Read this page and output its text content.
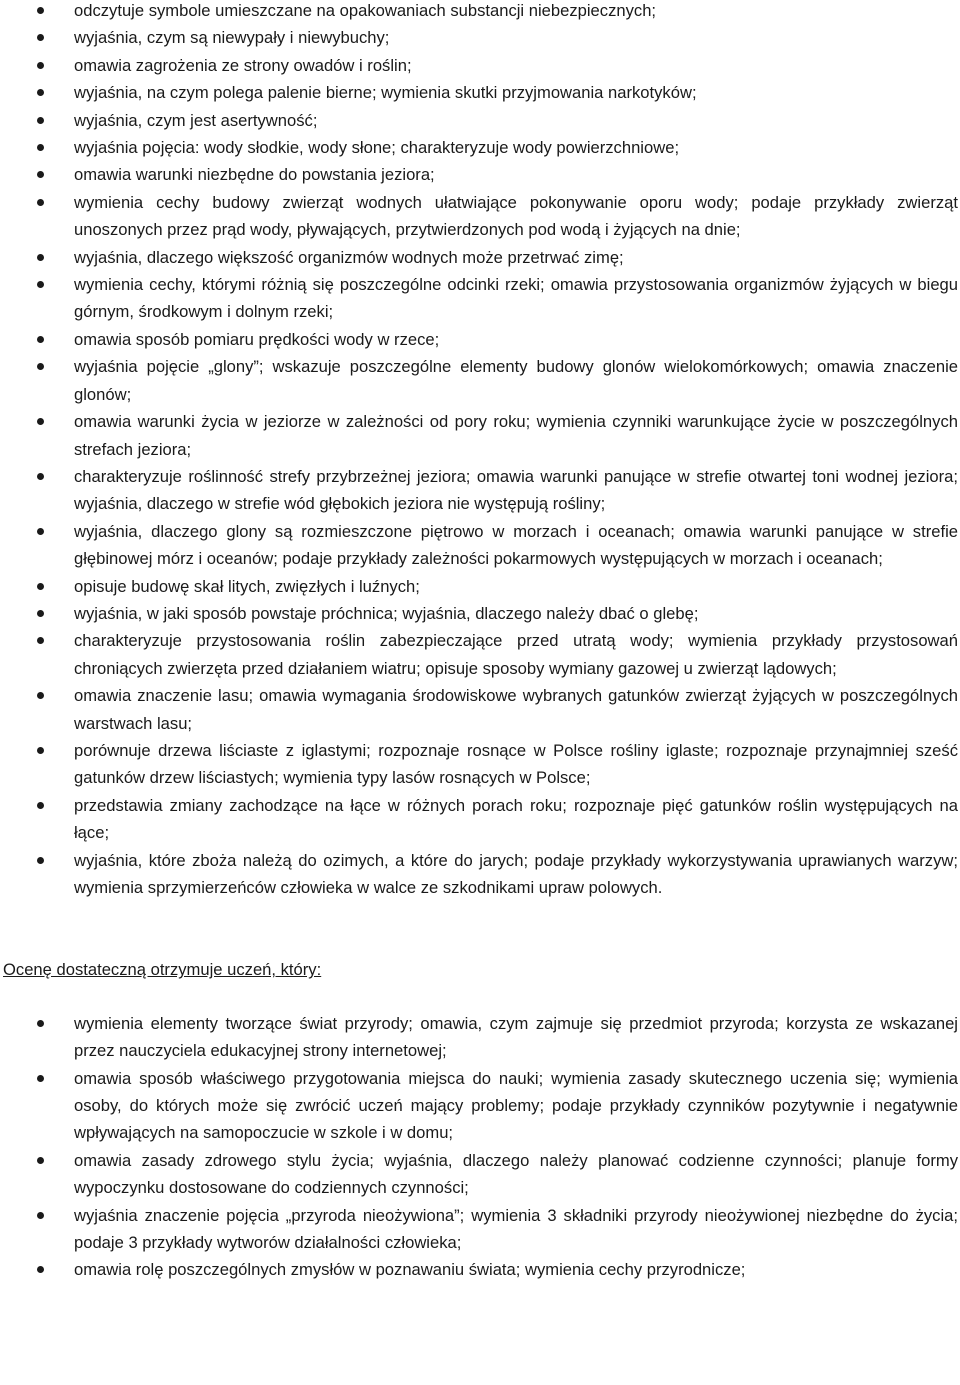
odczytuje symbole umieszczane na opakowaniach substancji niebezpiecznych;
wyjaśnia, czym są niewypały i niewybuchy;
omawia zagrożenia ze strony owadów i roślin;
wyjaśnia, na czym polega palenie bierne; wymienia skutki przyjmowania narkotyków;
wyjaśnia, czym jest asertywność;
wyjaśnia pojęcia: wody słodkie, wody słone; charakteryzuje wody powierzchniowe;
omawia warunki niezbędne do powstania jeziora;
wymienia cechy budowy zwierząt wodnych ułatwiające pokonywanie oporu wody; podaje przykłady zwierząt unoszonych przez prąd wody, pływających, przytwierdzonych pod wodą i żyjących na dnie;
wyjaśnia, dlaczego większość organizmów wodnych może przetrwać zimę;
wymienia cechy, którymi różnią się poszczególne odcinki rzeki; omawia przystosowania organizmów żyjących w biegu górnym, środkowym i dolnym rzeki;
omawia sposób pomiaru prędkości wody w rzece;
wyjaśnia pojęcie „glony”; wskazuje poszczególne elementy budowy glonów wielokomórkowych; omawia znaczenie glonów;
omawia warunki życia w jeziorze w zależności od pory roku; wymienia czynniki warunkujące życie w poszczególnych strefach jeziora;
charakteryzuje roślinność strefy przybrzeżnej jeziora; omawia warunki panujące w strefie otwartej toni wodnej jeziora; wyjaśnia, dlaczego w strefie wód głębokich jeziora nie występują rośliny;
wyjaśnia, dlaczego glony są rozmieszczone piętrowo w morzach i oceanach; omawia warunki panujące w strefie głębinowej mórz i oceanów; podaje przykłady zależności pokarmowych występujących w morzach i oceanach;
opisuje budowę skał litych, zwięzłych i luźnych;
wyjaśnia, w jaki sposób powstaje próchnica; wyjaśnia, dlaczego należy dbać o glebę;
charakteryzuje przystosowania roślin zabezpieczające przed utratą wody; wymienia przykłady przystosowań chroniących zwierzęta przed działaniem wiatru; opisuje sposoby wymiany gazowej u zwierząt lądowych;
omawia znaczenie lasu; omawia wymagania środowiskowe wybranych gatunków zwierząt żyjących w poszczególnych warstwach lasu;
porównuje drzewa liściaste z iglastymi; rozpoznaje rosnące w Polsce rośliny iglaste; rozpoznaje przynajmniej sześć gatunków drzew liściastych; wymienia typy lasów rosnących w Polsce;
przedstawia zmiany zachodzące na łące w różnych porach roku; rozpoznaje pięć gatunków roślin występujących na łące;
wyjaśnia, które zboża należą do ozimych, a które do jarych; podaje przykłady wykorzystywania uprawianych warzyw; wymienia sprzymierzeńców człowieka w walce ze szkodnikami upraw polowych.
Ocenę dostateczną otrzymuje uczeń, który:
wymienia elementy tworzące świat przyrody; omawia, czym zajmuje się przedmiot przyroda; korzysta ze wskazanej przez nauczyciela edukacyjnej strony internetowej;
omawia sposób właściwego przygotowania miejsca do nauki; wymienia zasady skutecznego uczenia się; wymienia osoby, do których może się zwrócić uczeń mający problemy; podaje przykłady czynników pozytywnie i negatywnie wpływających na samopoczucie w szkole i w domu;
omawia zasady zdrowego stylu życia; wyjaśnia, dlaczego należy planować codzienne czynności; planuje formy wypoczynku dostosowane do codziennych czynności;
wyjaśnia znaczenie pojęcia „przyroda nieożywiona”; wymienia 3 składniki przyrody nieożywionej niezbędne do życia; podaje 3 przykłady wytworów działalności człowieka;
omawia rolę poszczególnych zmysłów w poznawaniu świata; wymienia cechy przyrodnicze;
